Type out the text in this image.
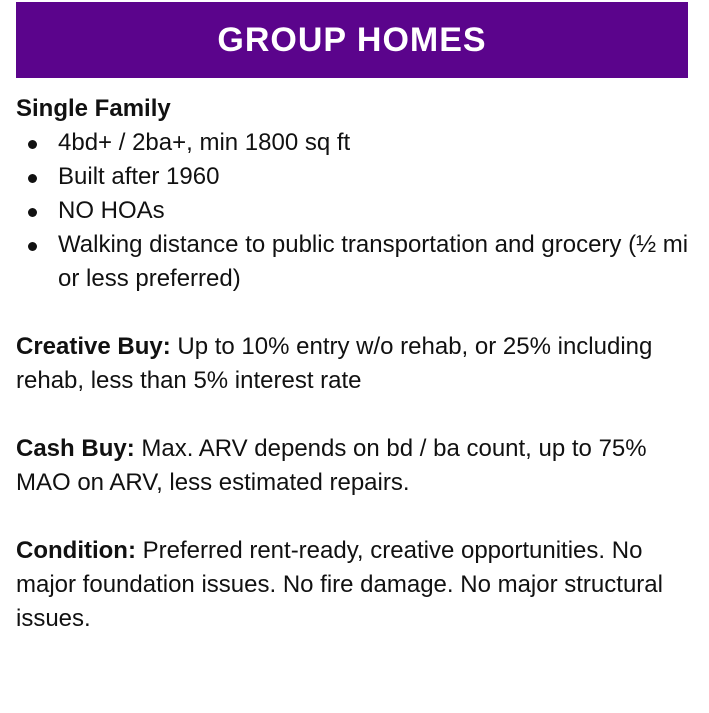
GROUP HOMES

Single Family

4bd+ / 2ba+, min 1800 sq ft
Built after 1960
NO HOAs
Walking distance to public transportation and grocery (½ mi or less preferred)

Creative Buy: Up to 10% entry w/o rehab, or 25% including rehab, less than 5% interest rate

Cash Buy: Max. ARV depends on bd / ba count, up to 75% MAO on ARV, less estimated repairs.

Condition: Preferred rent-ready, creative opportunities. No major foundation issues. No fire damage. No major structural issues.
